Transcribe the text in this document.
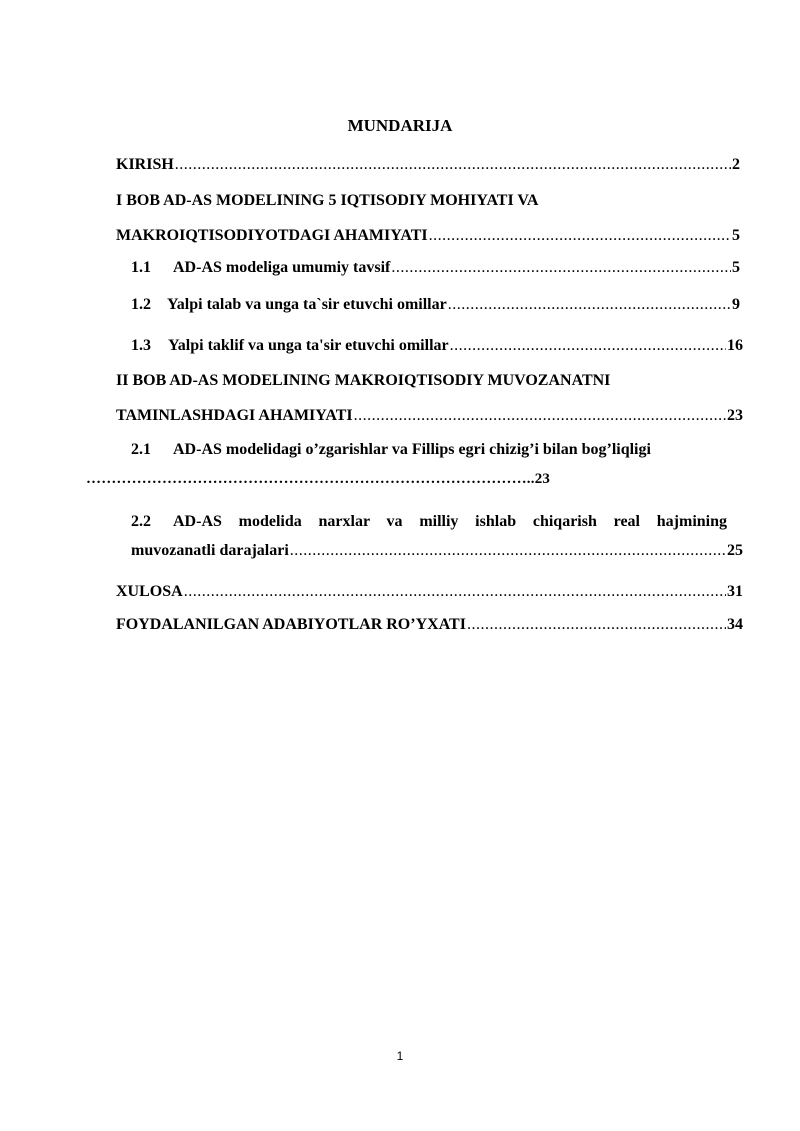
MUNDARIJA
KIRISH .....	2
I BOB AD-AS MODELINING 5 IQTISODIY MOHIYATI VA
MAKROIQTISODIYOTDAGI AHAMIYATI .....	5
1.1 AD-AS modeliga umumiy tavsif .....	5
1.2 Yalpi talab va unga ta`sir etuvchi omillar .....	9
1.3 Yalpi taklif va unga ta'sir etuvchi omillar .....	16
II BOB AD-AS MODELINING MAKROIQTISODIY MUVOZANATNI
TAMINLASHDAGI AHAMIYATI .....	23
2.1 AD-AS modelidagi o’zgarishlar va Fillips egri chizig’i bilan bog’liqligi
……………………………………………………………………………..23
2.2 AD-AS modelida narxlar va milliy ishlab chiqarish real hajmining
muvozanatli darajalari .....	25
XULOSA .....	31
FOYDALANILGAN ADABIYOTLAR RO’YXATI .....	34
1
